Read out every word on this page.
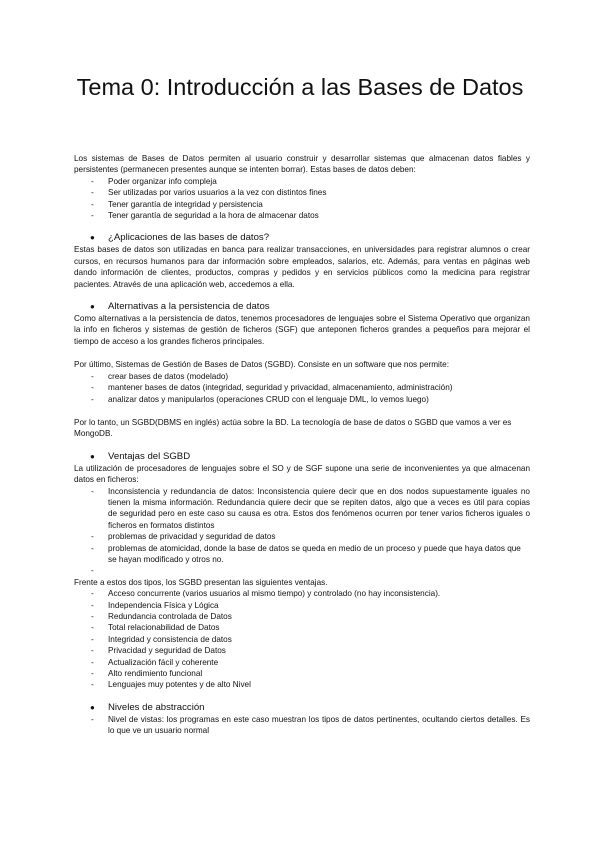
Tema 0: Introducción a las Bases de Datos

Los sistemas de Bases de Datos permiten al usuario construir y desarrollar sistemas que almacenan datos fiables y persistentes (permanecen presentes aunque se intenten borrar). Estas bases de datos deben:

- Poder organizar info compleja
- Ser utilizadas por varios usuarios a la vez con distintos fines
- Tener garantía de integridad y persistencia
- Tener garantía de seguridad a la hora de almacenar datos
● ¿Aplicaciones de las bases de datos?

Estas bases de datos son utilizadas en banca para realizar transacciones, en universidades para registrar alumnos o crear cursos, en recursos humanos para dar información sobre empleados, salarios, etc. Además, para ventas en páginas web dando información de clientes, productos, compras y pedidos y en servicios públicos como la medicina para registrar pacientes. Através de una aplicación web, accedemos a ella.

● Alternativas a la persistencia de datos

Como alternativas a la persistencia de datos, tenemos procesadores de lenguajes sobre el Sistema Operativo que organizan la info en ficheros y sistemas de gestión de ficheros (SGF) que anteponen ficheros grandes a pequeños para mejorar el tiempo de acceso a los grandes ficheros principales.

Por último, Sistemas de Gestión de Bases de Datos (SGBD). Consiste en un software que nos permite:

- crear bases de datos (modelado)
- mantener bases de datos (integridad, seguridad y privacidad, almacenamiento, administración)
- analizar datos y manipularlos (operaciones CRUD con el lenguaje DML, lo vemos luego)

Por lo tanto, un SGBD(DBMS en inglés) actúa sobre la BD. La tecnología de base de datos o SGBD que vamos a ver es MongoDB.

● Ventajas del SGBD

La utilización de procesadores de lenguajes sobre el SO y de SGF supone una serie de inconvenientes ya que almacenan datos en ficheros:

- Inconsistencia y redundancia de datos: Inconsistencia quiere decir que en dos nodos supuestamente iguales no tienen la misma información. Redundancia quiere decir que se repiten datos, algo que a veces es útil para copias de seguridad pero en este caso su causa es otra. Estos dos fenómenos ocurren por tener varios ficheros iguales o ficheros en formatos distintos
- problemas de privacidad y seguridad de datos
- problemas de atomicidad, donde la base de datos se queda en medio de un proceso y puede que haya datos que se hayan modificado y otros no.
-

Frente a estos dos tipos, los SGBD presentan las siguientes ventajas.

- Acceso concurrente (varios usuarios al mismo tiempo) y controlado (no hay inconsistencia).
- Independencia Física y Lógica
- Redundancia controlada de Datos
- Total relacionabilidad de Datos
- Integridad y consistencia de datos
- Privacidad y seguridad de Datos
- Actualización fácil y coherente
- Alto rendimiento funcional
- Lenguajes muy potentes y de alto Nivel
● Niveles de abstracción
- Nivel de vistas: los programas en este caso muestran los tipos de datos pertinentes, ocultando ciertos detalles. Es lo que ve un usuario normal
